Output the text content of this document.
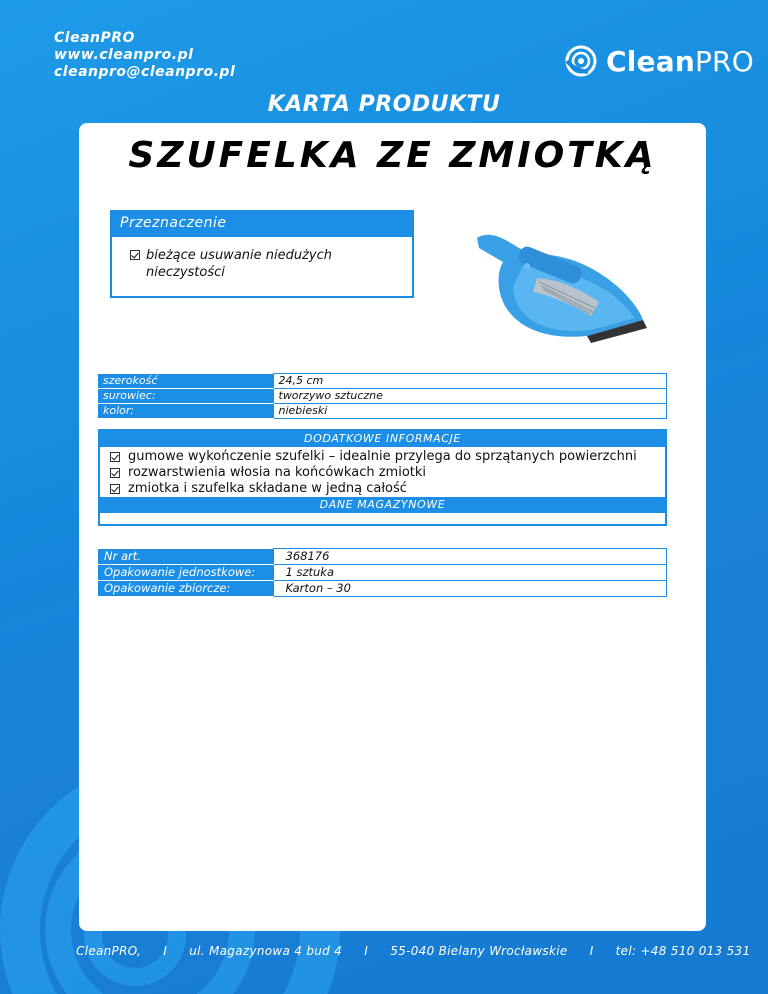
CleanPRO
www.cleanpro.pl
cleanpro@cleanpro.pl	CleanPRO
KARTA PRODUKTU
SZUFELKA ZE ZMIOTKĄ
Przeznaczenie
bieżące usuwanie niedużych nieczystości
szerokość	24,5 cm
surowiec:	tworzywo sztuczne
kolor:	niebieski
DODATKOWE INFORMACJE
gumowe wykończenie szufelki – idealnie przylega do sprzątanych powierzchni
rozwarstwienia włosia na końcówkach zmiotki
zmiotka i szufelka składane w jedną całość
DANE MAGAZYNOWE
Nr art.	368176
Opakowanie jednostkowe:	1 sztuka
Opakowanie zbiorcze:	Karton – 30
CleanPRO, I ul. Magazynowa 4 bud 4 I 55-040 Bielany Wrocławskie I tel: +48 510 013 531
